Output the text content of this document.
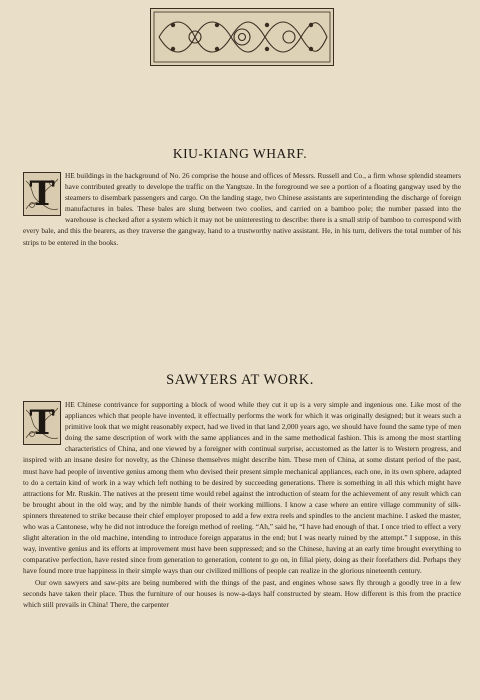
KIU-KIANG WHARF.
T	HE buildings in the background of No. 26 comprise the house and offices of Messrs. Russell and Co., a firm whose splendid steamers have contributed greatly to develope the traffic on the Yangtsze. In the foreground we see a portion of a floating gangway used by the steamers to disembark passengers and cargo. On the landing stage, two Chinese assistants are superintending the discharge of foreign manufactures in bales. These bales are slung between two coolies, and carried on a bamboo pole; the number passed into the warehouse is checked after a system which it may not be uninteresting to describe: there is a small strip of bamboo to correspond with every bale, and this the bearers, as they traverse the gangway, hand to a trustworthy native assistant. He, in his turn, delivers the total number of his strips to be entered in the books.

SAWYERS AT WORK.
T	HE Chinese contrivance for supporting a block of wood while they cut it up is a very simple and ingenious one. Like most of the appliances which that people have invented, it effectually performs the work for which it was originally designed; but it wears such a primitive look that we might reasonably expect, had we lived in that land 2,000 years ago, we should have found the same type of men doing the same description of work with the same appliances and in the same methodical fashion. This is among the most startling characteristics of China, and one viewed by a foreigner with continual surprise, accustomed as the latter is to Western progress, and inspired with an insane desire for novelty, as the Chinese themselves might describe him. These men of China, at some distant period of the past, must have had people of inventive genius among them who devised their present simple mechanical appliances, each one, in its own sphere, adapted to do a certain kind of work in a way which left nothing to be desired by succeeding generations. There is something in all this which might have attractions for Mr. Ruskin. The natives at the present time would rebel against the introduction of steam for the achievement of any result which can be brought about in the old way, and by the nimble hands of their working millions. I know a case where an entire village community of silk-spinners threatened to strike because their chief employer proposed to add a few extra reels and spindles to the ancient machine. I asked the master, who was a Cantonese, why he did not introduce the foreign method of reeling. “Ah,” said he, “I have had enough of that. I once tried to effect a very slight alteration in the old machine, intending to introduce foreign apparatus in the end; but I was nearly ruined by the attempt.” I suppose, in this way, inventive genius and its efforts at improvement must have been suppressed; and so the Chinese, having at an early time brought everything to comparative perfection, have rested since from generation to generation, content to go on, in filial piety, doing as their forefathers did. Perhaps they have found more true happiness in their simple ways than our civilized millions of people can realize in the glorious nineteenth century.

Our own sawyers and saw-pits are being numbered with the things of the past, and engines whose saws fly through a goodly tree in a few seconds have taken their place. Thus the furniture of our houses is now-a-days half constructed by steam. How different is this from the practice which still prevails in China! There, the carpenter
